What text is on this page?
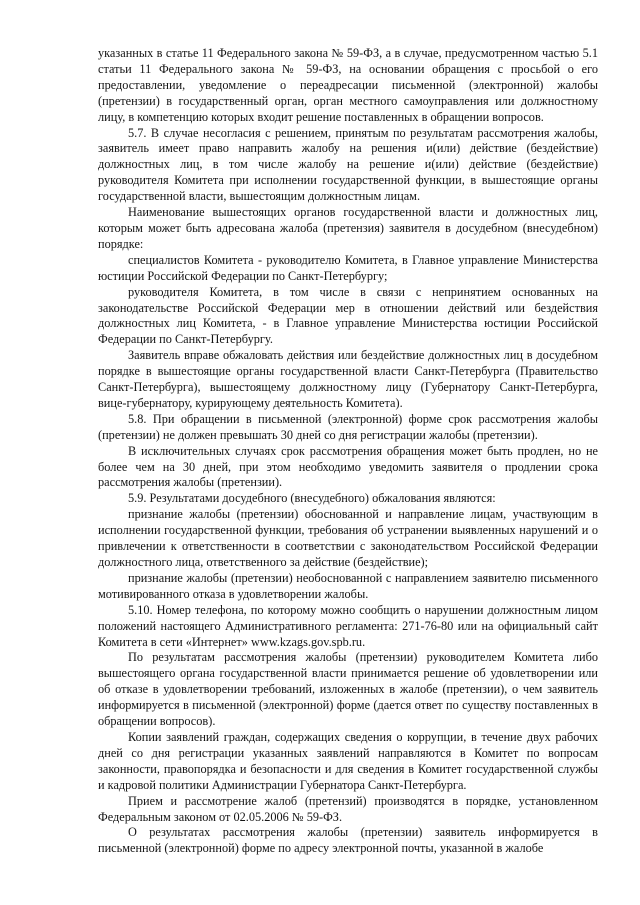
указанных в статье 11 Федерального закона № 59-ФЗ, а в случае, предусмотренном частью 5.1 статьи 11 Федерального закона № 59-ФЗ, на основании обращения с просьбой о его предоставлении, уведомление о переадресации письменной (электронной) жалобы (претензии) в государственный орган, орган местного самоуправления или должностному лицу, в компетенцию которых входит решение поставленных в обращении вопросов.

5.7. В случае несогласия с решением, принятым по результатам рассмотрения жалобы, заявитель имеет право направить жалобу на решения и(или) действие (бездействие) должностных лиц, в том числе жалобу на решение и(или) действие (бездействие) руководителя Комитета при исполнении государственной функции, в вышестоящие органы государственной власти, вышестоящим должностным лицам.

Наименование вышестоящих органов государственной власти и должностных лиц, которым может быть адресована жалоба (претензия) заявителя в досудебном (внесудебном) порядке:

специалистов Комитета - руководителю Комитета, в Главное управление Министерства юстиции Российской Федерации по Санкт-Петербургу;

руководителя Комитета, в том числе в связи с непринятием основанных на законодательстве Российской Федерации мер в отношении действий или бездействия должностных лиц Комитета, - в Главное управление Министерства юстиции Российской Федерации по Санкт-Петербургу.

Заявитель вправе обжаловать действия или бездействие должностных лиц в досудебном порядке в вышестоящие органы государственной власти Санкт-Петербурга (Правительство Санкт-Петербурга), вышестоящему должностному лицу (Губернатору Санкт-Петербурга, вице-губернатору, курирующему деятельность Комитета).

5.8. При обращении в письменной (электронной) форме срок рассмотрения жалобы (претензии) не должен превышать 30 дней со дня регистрации жалобы (претензии).

В исключительных случаях срок рассмотрения обращения может быть продлен, но не более чем на 30 дней, при этом необходимо уведомить заявителя о продлении срока рассмотрения жалобы (претензии).

5.9. Результатами досудебного (внесудебного) обжалования являются:

признание жалобы (претензии) обоснованной и направление лицам, участвующим в исполнении государственной функции, требования об устранении выявленных нарушений и о привлечении к ответственности в соответствии с законодательством Российской Федерации должностного лица, ответственного за действие (бездействие);

признание жалобы (претензии) необоснованной с направлением заявителю письменного мотивированного отказа в удовлетворении жалобы.

5.10. Номер телефона, по которому можно сообщить о нарушении должностным лицом положений настоящего Административного регламента: 271-76-80 или на официальный сайт Комитета в сети «Интернет» www.kzags.gov.spb.ru.

По результатам рассмотрения жалобы (претензии) руководителем Комитета либо вышестоящего органа государственной власти принимается решение об удовлетворении или об отказе в удовлетворении требований, изложенных в жалобе (претензии), о чем заявитель информируется в письменной (электронной) форме (дается ответ по существу поставленных в обращении вопросов).

Копии заявлений граждан, содержащих сведения о коррупции, в течение двух рабочих дней со дня регистрации указанных заявлений направляются в Комитет по вопросам законности, правопорядка и безопасности и для сведения в Комитет государственной службы и кадровой политики Администрации Губернатора Санкт-Петербурга.

Прием и рассмотрение жалоб (претензий) производятся в порядке, установленном Федеральным законом от 02.05.2006 № 59-ФЗ.

О результатах рассмотрения жалобы (претензии) заявитель информируется в письменной (электронной) форме по адресу электронной почты, указанной в жалобе
